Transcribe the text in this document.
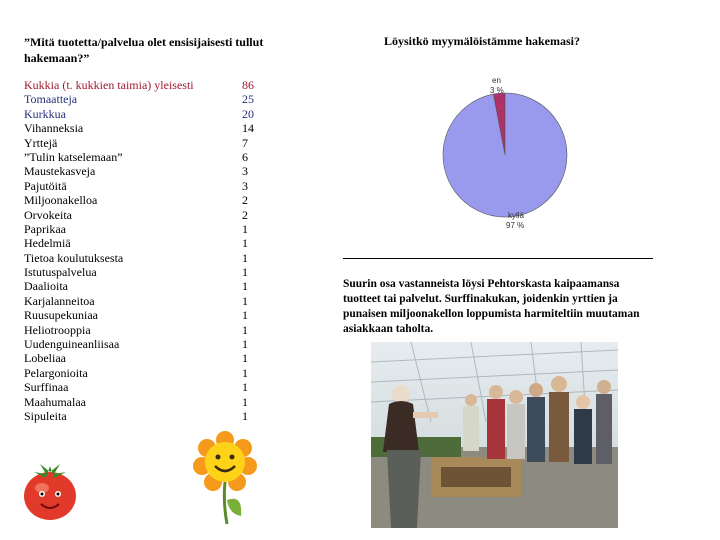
”Mitä tuotetta/palvelua olet ensisijaisesti tullut hakemaan?”
Löysitkö myymälöistämme hakemasi?
Kukkia (t. kukkien taimia) yleisesti	86
Tomaatteja	25
Kurkkua	20
Vihanneksia	14
Yrttejä	7
”Tulin katselemaan”	6
Maustekasveja	3
Pajutöitä	3
Miljoonakelloa	2
Orvokeita	2
Paprikaa	1
Hedelmiä	1
Tietoa koulutuksesta	1
Istutuspalvelua	1
Daalioita	1
Karjalanneitoa	1
Ruusupekuniaa	1
Heliotrooppia	1
Uudenguineanliisaa	1
Lobeliaa	1
Pelargonioita	1
Surffinaa	1
Maahumalaa	1
Sipuleita	1
en
3 %
kyllä
97 %
Suurin osa vastanneista löysi Pehtorskasta kaipaamansa tuotteet tai palvelut. Surffinakukan, joidenkin yrttien ja punaisen miljoonakellon loppumista harmiteltiin muutaman asiakkaan taholta.
